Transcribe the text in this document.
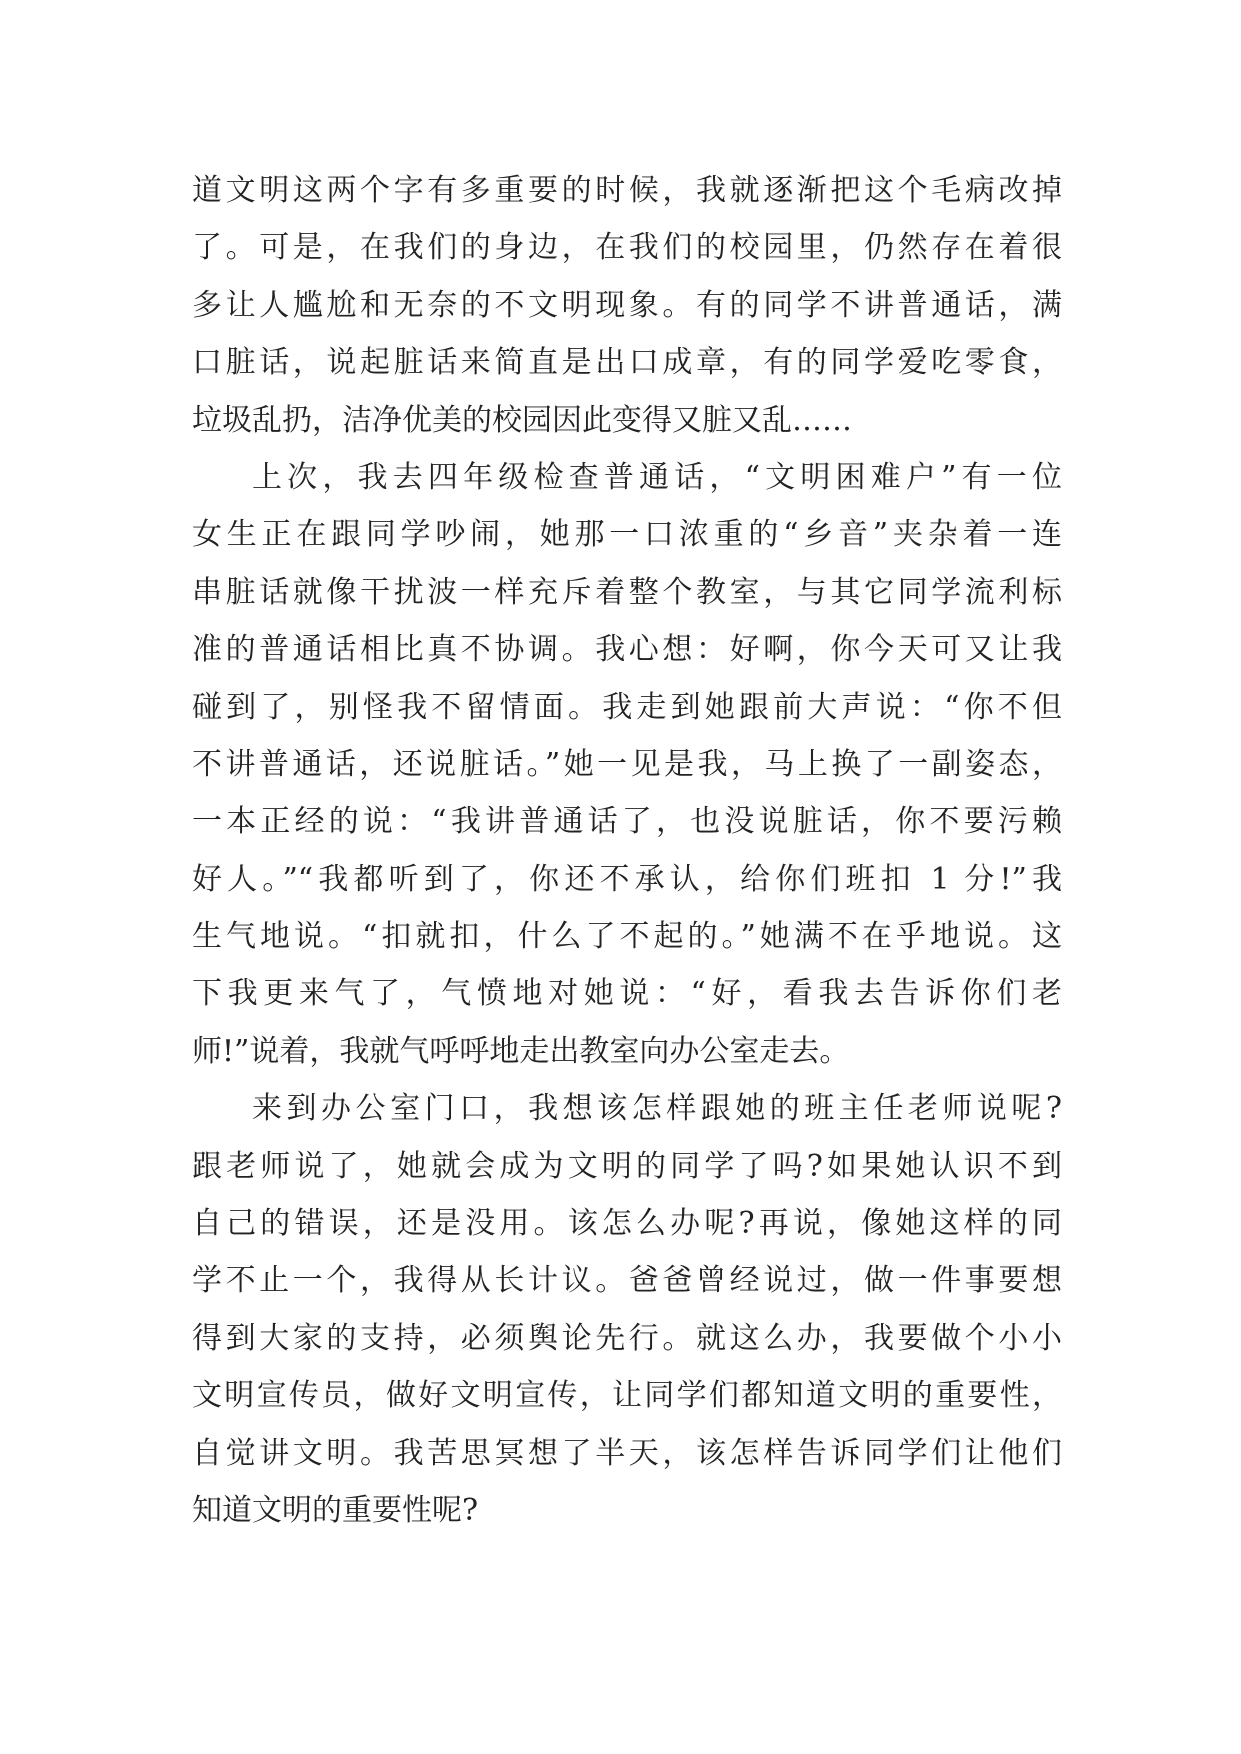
道文明这两个字有多重要的时候，我就逐渐把这个毛病改掉
了。可是，在我们的身边，在我们的校园里，仍然存在着很
多让人尴尬和无奈的不文明现象。有的同学不讲普通话，满
口脏话，说起脏话来简直是出口成章，有的同学爱吃零食，
垃圾乱扔，洁净优美的校园因此变得又脏又乱……
上次，我去四年级检查普通话，“文明困难户”有一位
女生正在跟同学吵闹，她那一口浓重的“乡音”夹杂着一连
串脏话就像干扰波一样充斥着整个教室，与其它同学流利标
准的普通话相比真不协调。我心想：好啊，你今天可又让我
碰到了，别怪我不留情面。我走到她跟前大声说：“你不但
不讲普通话，还说脏话。”她一见是我，马上换了一副姿态，
一本正经的说：“我讲普通话了，也没说脏话，你不要污赖
好人。”“我都听到了，你还不承认，给你们班扣 1 分!”我
生气地说。“扣就扣，什么了不起的。”她满不在乎地说。这
下我更来气了，气愤地对她说：“好，看我去告诉你们老
师!”说着，我就气呼呼地走出教室向办公室走去。
来到办公室门口，我想该怎样跟她的班主任老师说呢?
跟老师说了，她就会成为文明的同学了吗?如果她认识不到
自己的错误，还是没用。该怎么办呢?再说，像她这样的同
学不止一个，我得从长计议。爸爸曾经说过，做一件事要想
得到大家的支持，必须舆论先行。就这么办，我要做个小小
文明宣传员，做好文明宣传，让同学们都知道文明的重要性，
自觉讲文明。我苦思冥想了半天，该怎样告诉同学们让他们
知道文明的重要性呢?
